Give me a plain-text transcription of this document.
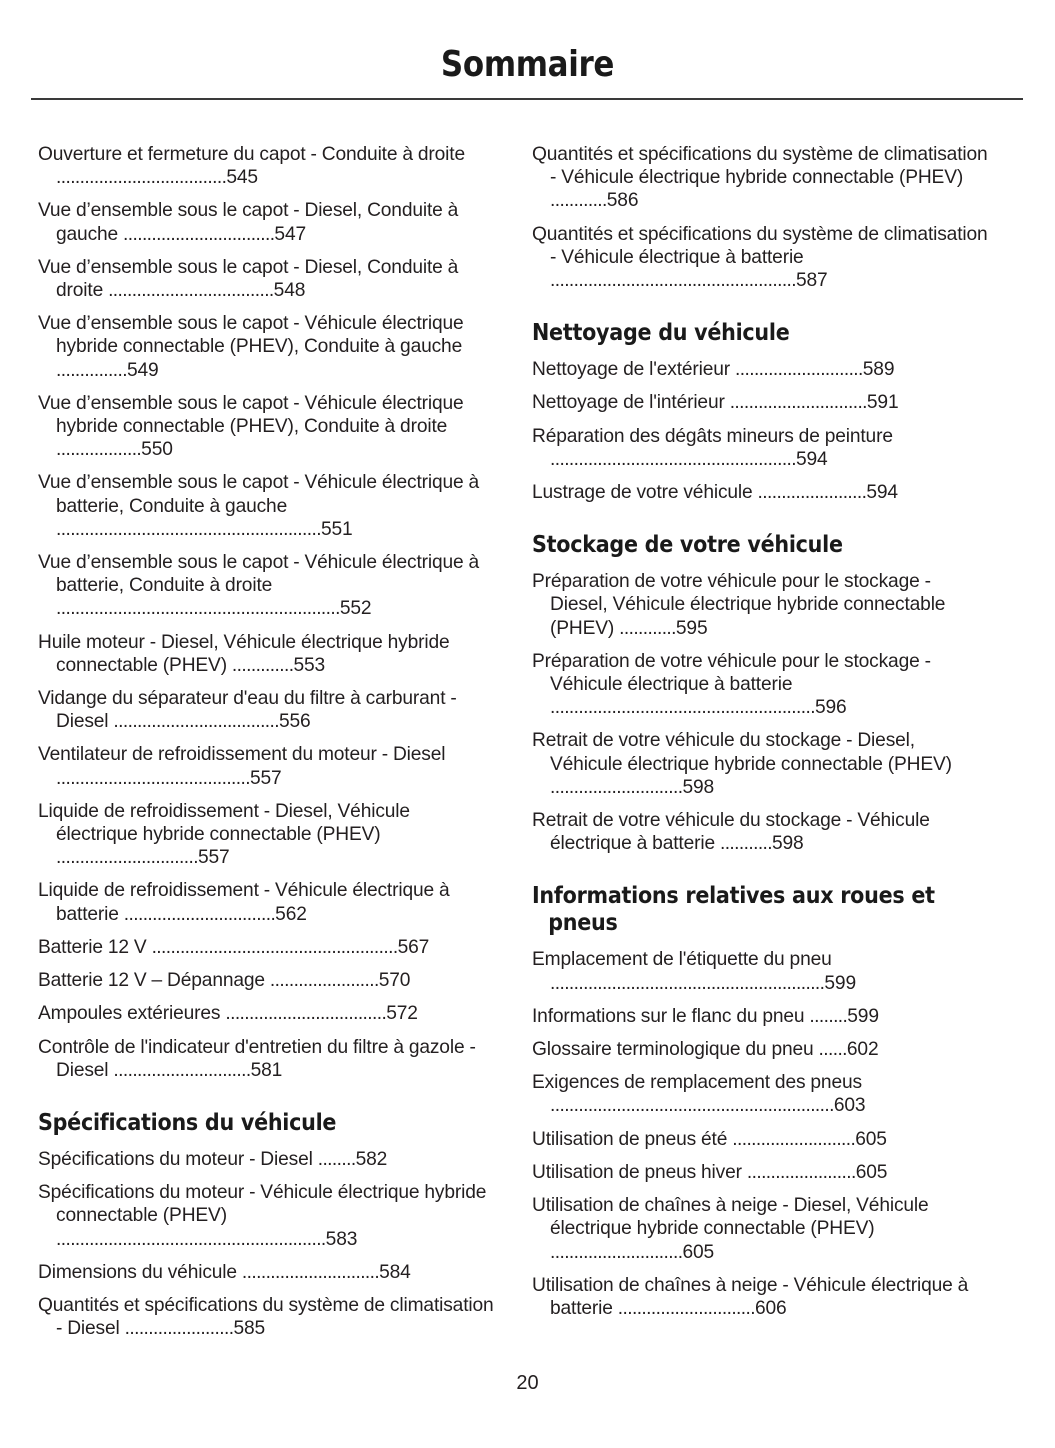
Sommaire
Ouverture et fermeture du capot - Conduite à droite ....................................545
Vue d’ensemble sous le capot - Diesel, Conduite à gauche ................................547
Vue d’ensemble sous le capot - Diesel, Conduite à droite ...................................548
Vue d’ensemble sous le capot - Véhicule électrique hybride connectable (PHEV), Conduite à gauche ...............549
Vue d’ensemble sous le capot - Véhicule électrique hybride connectable (PHEV), Conduite à droite ..................550
Vue d’ensemble sous le capot - Véhicule électrique à batterie, Conduite à gauche ........................................................551
Vue d’ensemble sous le capot - Véhicule électrique à batterie, Conduite à droite ............................................................552
Huile moteur - Diesel, Véhicule électrique hybride connectable (PHEV) .............553
Vidange du séparateur d'eau du filtre à carburant - Diesel ...................................556
Ventilateur de refroidissement du moteur - Diesel .........................................557
Liquide de refroidissement - Diesel, Véhicule électrique hybride connectable (PHEV) ..............................557
Liquide de refroidissement - Véhicule électrique à batterie ................................562
Batterie 12 V ....................................................567
Batterie 12 V – Dépannage .......................570
Ampoules extérieures ..................................572
Contrôle de l'indicateur d'entretien du filtre à gazole - Diesel .............................581
Spécifications du véhicule
Spécifications du moteur - Diesel ........582
Spécifications du moteur - Véhicule électrique hybride connectable (PHEV) .........................................................583
Dimensions du véhicule .............................584
Quantités et spécifications du système de climatisation - Diesel .......................585
Quantités et spécifications du système de climatisation - Véhicule électrique hybride connectable (PHEV) ............586
Quantités et spécifications du système de climatisation - Véhicule électrique à batterie ....................................................587
Nettoyage du véhicule
Nettoyage de l'extérieur ...........................589
Nettoyage de l'intérieur .............................591
Réparation des dégâts mineurs de peinture ....................................................594
Lustrage de votre véhicule .......................594
Stockage de votre véhicule
Préparation de votre véhicule pour le stockage - Diesel, Véhicule électrique hybride connectable (PHEV) ............595
Préparation de votre véhicule pour le stockage - Véhicule électrique à batterie ........................................................596
Retrait de votre véhicule du stockage - Diesel, Véhicule électrique hybride connectable (PHEV) ............................598
Retrait de votre véhicule du stockage - Véhicule électrique à batterie ...........598
Informations relatives aux roues et pneus
Emplacement de l'étiquette du pneu ..........................................................599
Informations sur le flanc du pneu ........599
Glossaire terminologique du pneu ......602
Exigences de remplacement des pneus ............................................................603
Utilisation de pneus été ..........................605
Utilisation de pneus hiver .......................605
Utilisation de chaînes à neige - Diesel, Véhicule électrique hybride connectable (PHEV) ............................605
Utilisation de chaînes à neige - Véhicule électrique à batterie .............................606
20
